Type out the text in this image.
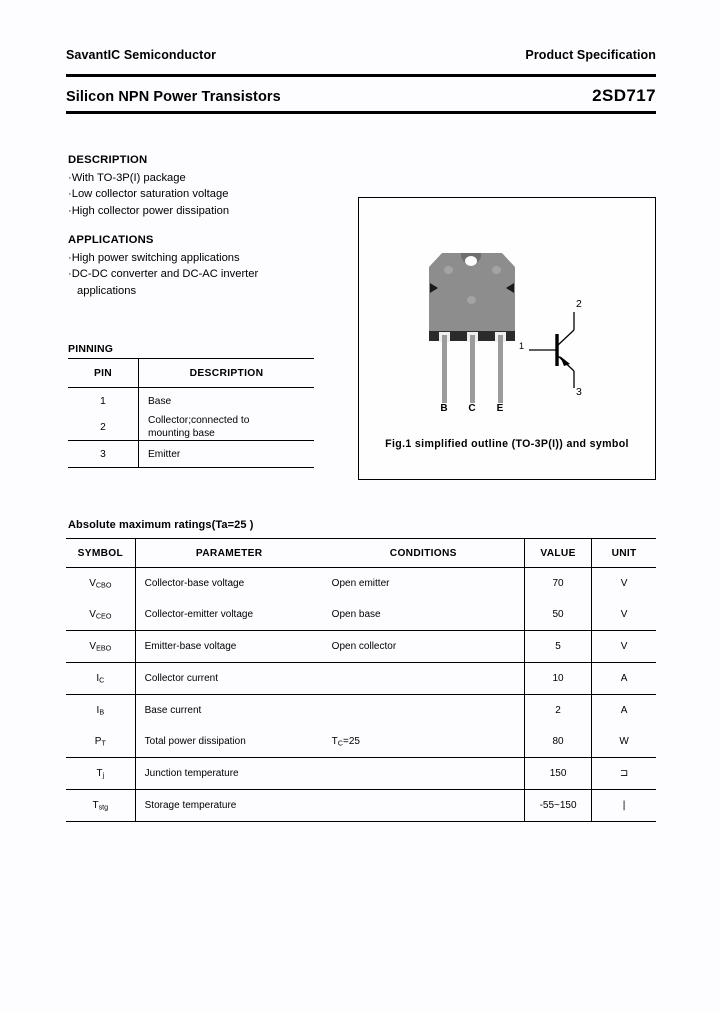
SavantIC Semiconductor	Product Specification
Silicon NPN Power Transistors	2SD717
DESCRIPTION
·With TO-3P(I) package
·Low collector saturation voltage
·High collector power dissipation
APPLICATIONS
·High power switching applications
·DC-DC converter and DC-AC inverter
applications
PINNING
PIN	DESCRIPTION
1	Base
2	Collector;connected to
mounting base

3	Emitter
B	C	E
1
2
3
Fig.1 simplified outline (TO-3P(I)) and symbol
Absolute maximum ratings(Ta=25 )
SYMBOL	PARAMETER	CONDITIONS	VALUE	UNIT
$V_{CBO}$	Collector-base voltage	Open emitter	70	V
$V_{CEO}$	Collector-emitter voltage	Open base	50	V
$V_{EBO}$	Emitter-base voltage	Open collector	5	V
$I_C$	Collector current		10	A
$I_B$	Base current		2	A
$P_T$	Total power dissipation	$T_C=25$	80	W
$T_j$	Junction temperature		150	⊐
$T_{stg}$	Storage temperature		-55~150	|
